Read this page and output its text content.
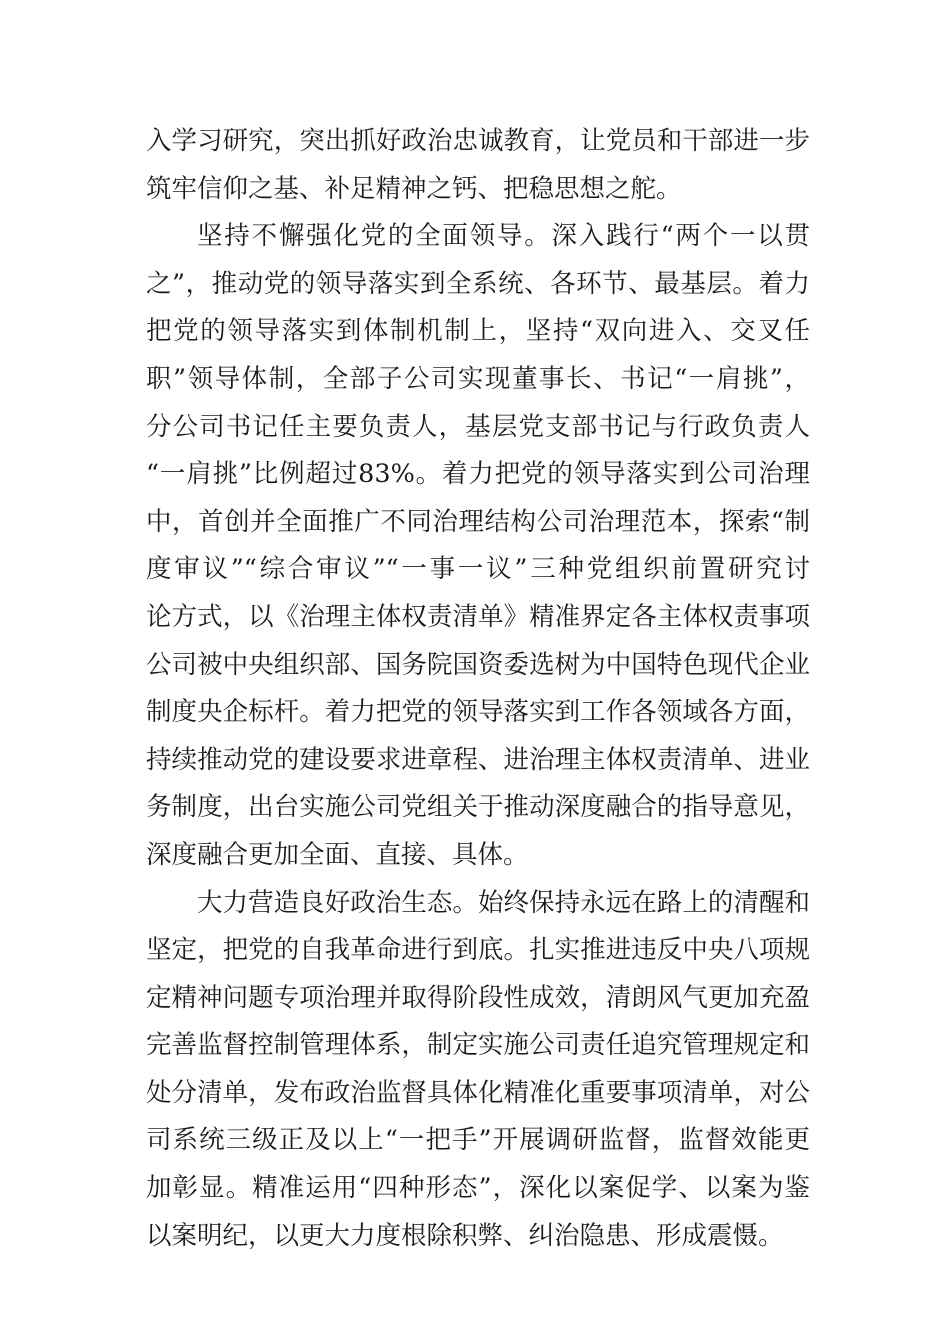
入学习研究，突出抓好政治忠诚教育，让党员和干部进一步
筑牢信仰之基、补足精神之钙、把稳思想之舵。
坚持不懈强化党的全面领导。深入践行“两个一以贯
之”，推动党的领导落实到全系统、各环节、最基层。着力
把党的领导落实到体制机制上，坚持“双向进入、交叉任
职”领导体制，全部子公司实现董事长、书记“一肩挑”，
分公司书记任主要负责人，基层党支部书记与行政负责人
“一肩挑”比例超过83%。着力把党的领导落实到公司治理
中，首创并全面推广不同治理结构公司治理范本，探索“制
度审议”“综合审议”“一事一议”三种党组织前置研究讨
论方式，以《治理主体权责清单》精准界定各主体权责事项
公司被中央组织部、国务院国资委选树为中国特色现代企业
制度央企标杆。着力把党的领导落实到工作各领域各方面，
持续推动党的建设要求进章程、进治理主体权责清单、进业
务制度，出台实施公司党组关于推动深度融合的指导意见，
深度融合更加全面、直接、具体。
大力营造良好政治生态。始终保持永远在路上的清醒和
坚定，把党的自我革命进行到底。扎实推进违反中央八项规
定精神问题专项治理并取得阶段性成效，清朗风气更加充盈
完善监督控制管理体系，制定实施公司责任追究管理规定和
处分清单，发布政治监督具体化精准化重要事项清单，对公
司系统三级正及以上“一把手”开展调研监督，监督效能更
加彰显。精准运用“四种形态”，深化以案促学、以案为鉴
以案明纪，以更大力度根除积弊、纠治隐患、形成震慑。
